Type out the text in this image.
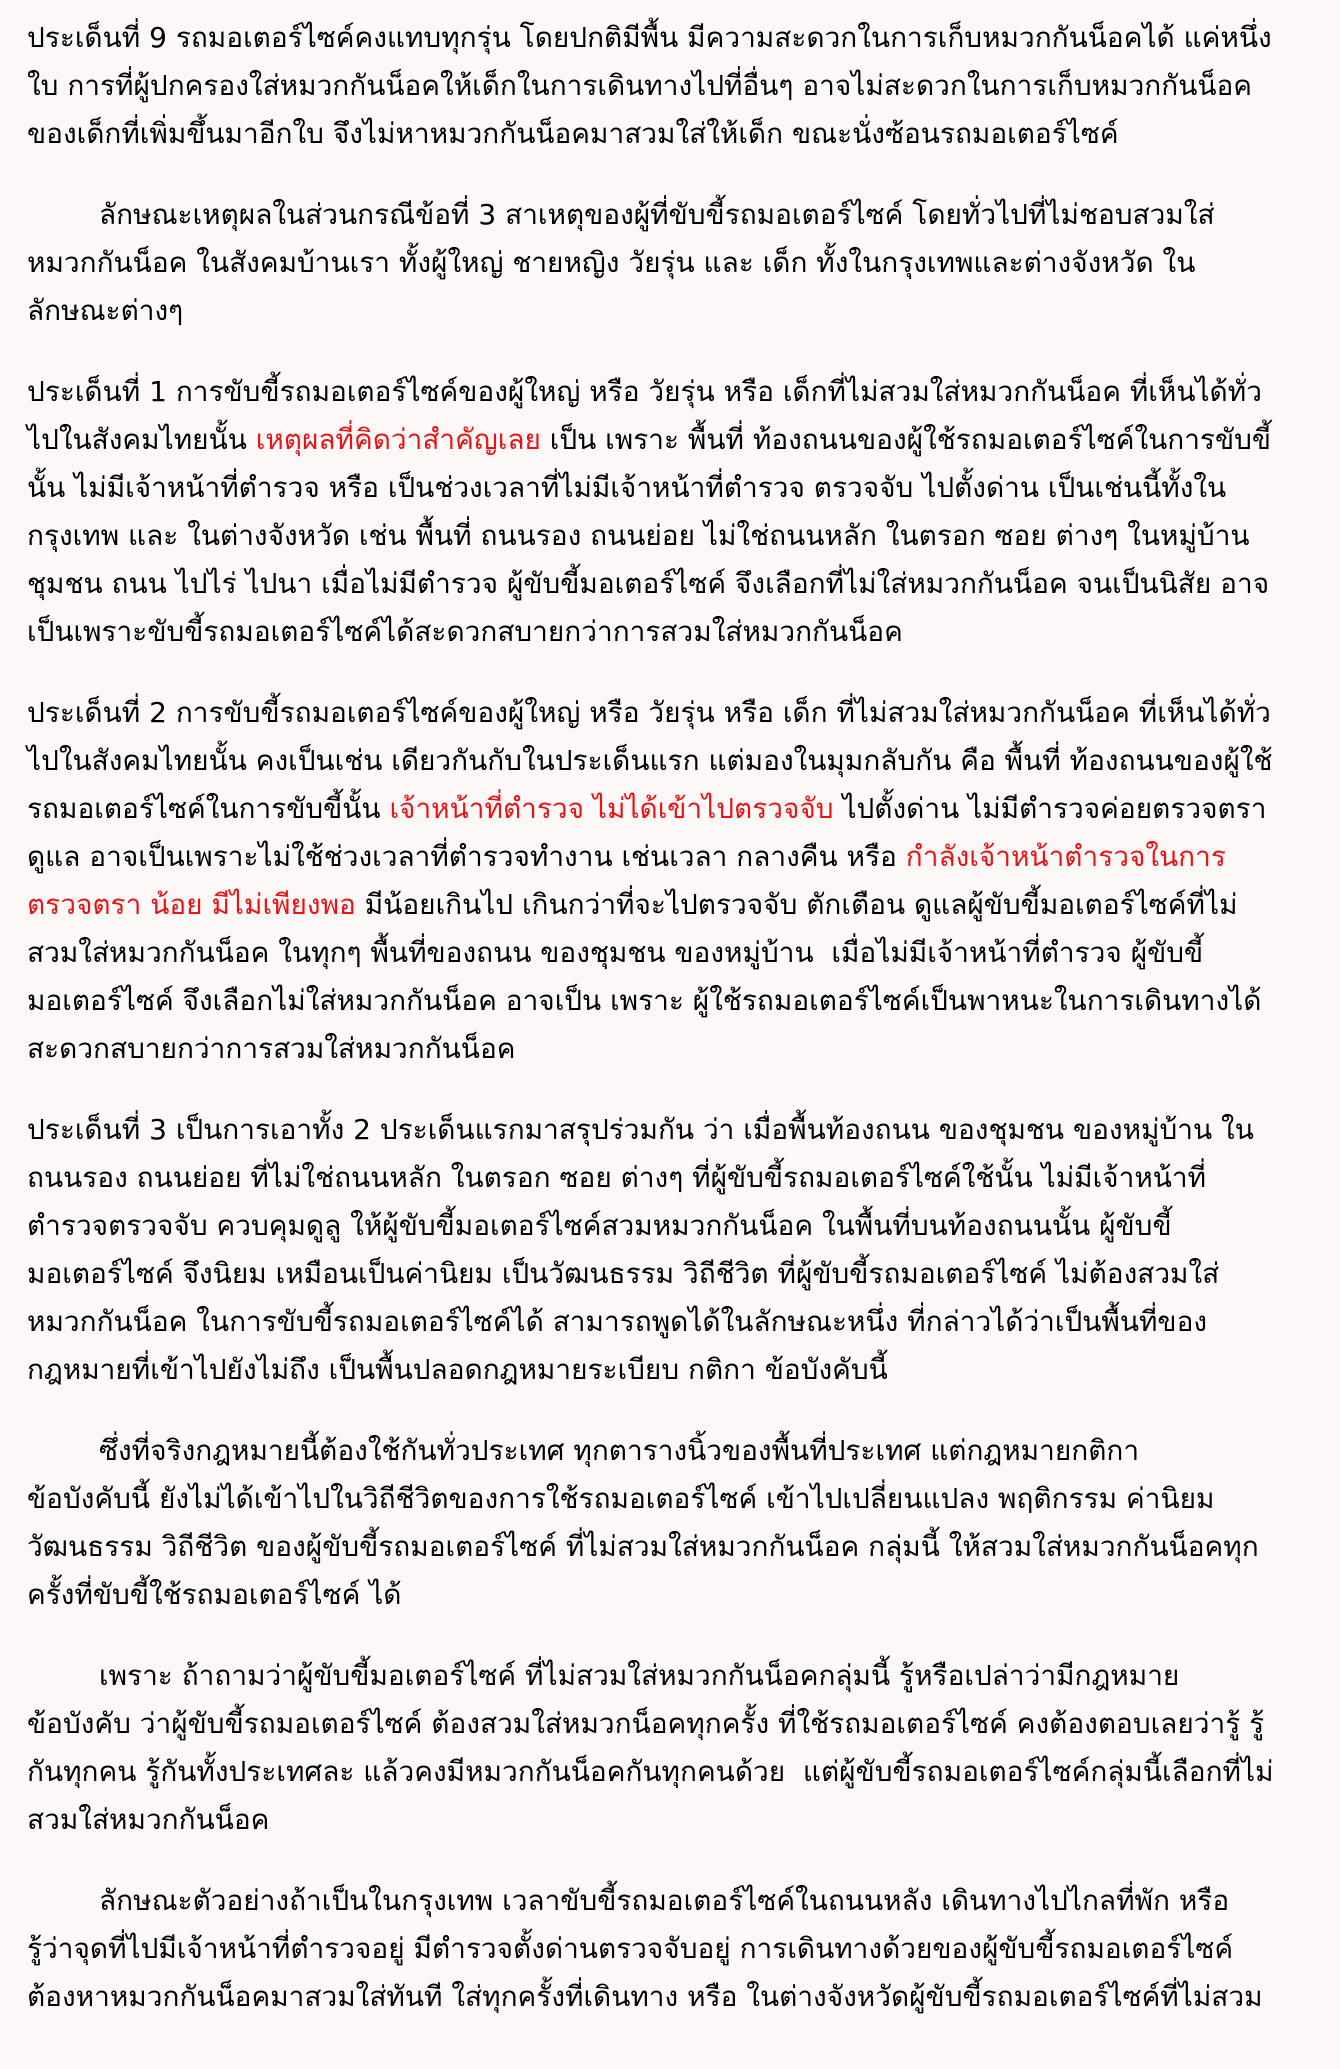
ประเด็นที่ 9 รถมอเตอร์ไซค์คงแทบทุกรุ่น โดยปกติมีพื้น มีความสะดวกในการเก็บหมวกกันน็อคได้ แค่หนึ่ง
ใบ การที่ผู้ปกครองใส่หมวกกันน็อคให้เด็กในการเดินทางไปที่อื่นๆ อาจไม่สะดวกในการเก็บหมวกกันน็อค
ของเด็กที่เพิ่มขึ้นมาอีกใบ จึงไม่หาหมวกกันน็อคมาสวมใส่ให้เด็ก ขณะนั่งซ้อนรถมอเตอร์ไซค์

ลักษณะเหตุผลในส่วนกรณีข้อที่ 3 สาเหตุของผู้ที่ขับขี้รถมอเตอร์ไซค์ โดยทั่วไปที่ไม่ชอบสวมใส่
หมวกกันน็อค ในสังคมบ้านเรา ทั้งผู้ใหญ่ ชายหญิง วัยรุ่น และ เด็ก ทั้งในกรุงเทพและต่างจังหวัด ใน
ลักษณะต่างๆ

ประเด็นที่ 1 การขับขี้รถมอเตอร์ไซค์ของผู้ใหญ่ หรือ วัยรุ่น หรือ เด็กที่ไม่สวมใส่หมวกกันน็อค ที่เห็นได้ทั่ว
ไปในสังคมไทยนั้น เหตุผลที่คิดว่าสำคัญเลย เป็น เพราะ พื้นที่ ท้องถนนของผู้ใช้รถมอเตอร์ไซค์ในการขับขี้
นั้น ไม่มีเจ้าหน้าที่ตำรวจ หรือ เป็นช่วงเวลาที่ไม่มีเจ้าหน้าที่ตำรวจ ตรวจจับ ไปตั้งด่าน เป็นเช่นนี้ทั้งใน
กรุงเทพ และ ในต่างจังหวัด เช่น พื้นที่ ถนนรอง ถนนย่อย ไม่ใช่ถนนหลัก ในตรอก ซอย ต่างๆ ในหมู่บ้าน
ชุมชน ถนน ไปไร่ ไปนา เมื่อไม่มีตำรวจ ผู้ขับขี้มอเตอร์ไซค์ จึงเลือกที่ไม่ใส่หมวกกันน็อค จนเป็นนิสัย อาจ
เป็นเพราะขับขี้รถมอเตอร์ไซค์ได้สะดวกสบายกว่าการสวมใส่หมวกกันน็อค

ประเด็นที่ 2 การขับขี้รถมอเตอร์ไซค์ของผู้ใหญ่ หรือ วัยรุ่น หรือ เด็ก ที่ไม่สวมใส่หมวกกันน็อค ที่เห็นได้ทั่ว
ไปในสังคมไทยนั้น คงเป็นเช่น เดียวกันกับในประเด็นแรก แต่มองในมุมกลับกัน คือ พื้นที่ ท้องถนนของผู้ใช้
รถมอเตอร์ไซค์ในการขับขี้นั้น เจ้าหน้าที่ตำรวจ ไม่ได้เข้าไปตรวจจับ ไปตั้งด่าน ไม่มีตำรวจค่อยตรวจตรา
ดูแล อาจเป็นเพราะไม่ใช้ช่วงเวลาที่ตำรวจทำงาน เช่นเวลา กลางคืน หรือ กำลังเจ้าหน้าตำรวจในการ
ตรวจตรา น้อย มีไม่เพียงพอ มีน้อยเกินไป เกินกว่าที่จะไปตรวจจับ ตักเตือน ดูแลผู้ขับขี้มอเตอร์ไซค์ที่ไม่
สวมใส่หมวกกันน็อค ในทุกๆ พื้นที่ของถนน ของชุมชน ของหมู่บ้าน  เมื่อไม่มีเจ้าหน้าที่ตำรวจ ผู้ขับขี้
มอเตอร์ไซค์ จึงเลือกไม่ใส่หมวกกันน็อค อาจเป็น เพราะ ผู้ใช้รถมอเตอร์ไซค์เป็นพาหนะในการเดินทางได้
สะดวกสบายกว่าการสวมใส่หมวกกันน็อค

ประเด็นที่ 3 เป็นการเอาทั้ง 2 ประเด็นแรกมาสรุปร่วมกัน ว่า เมื่อพื้นท้องถนน ของชุมชน ของหมู่บ้าน ใน
ถนนรอง ถนนย่อย ที่ไม่ใช่ถนนหลัก ในตรอก ซอย ต่างๆ ที่ผู้ขับขี้รถมอเตอร์ไซค์ใช้นั้น ไม่มีเจ้าหน้าที่
ตำรวจตรวจจับ ควบคุมดูลู ให้ผู้ขับขี้มอเตอร์ไซค์สวมหมวกกันน็อค ในพื้นที่บนท้องถนนนั้น ผู้ขับขี้
มอเตอร์ไซค์ จึงนิยม เหมือนเป็นค่านิยม เป็นวัฒนธรรม วิถีชีวิต ที่ผู้ขับขี้รถมอเตอร์ไซค์ ไม่ต้องสวมใส่
หมวกกันน็อค ในการขับขี้รถมอเตอร์ไซค์ได้ สามารถพูดได้ในลักษณะหนึ่ง ที่กล่าวได้ว่าเป็นพื้นที่ของ
กฎหมายที่เข้าไปยังไม่ถึง เป็นพื้นปลอดกฎหมายระเบียบ กติกา ข้อบังคับนี้

ซึ่งที่จริงกฎหมายนี้ต้องใช้กันทั่วประเทศ ทุกตารางนิ้วของพื้นที่ประเทศ แต่กฎหมายกติกา
ข้อบังคับนี้ ยังไม่ได้เข้าไปในวิถีชีวิตของการใช้รถมอเตอร์ไซค์ เข้าไปเปลี่ยนแปลง พฤติกรรม ค่านิยม
วัฒนธรรม วิถีชีวิต ของผู้ขับขี้รถมอเตอร์ไซค์ ที่ไม่สวมใส่หมวกกันน็อค กลุ่มนี้ ให้สวมใส่หมวกกันน็อคทุก
ครั้งที่ขับขี้ใช้รถมอเตอร์ไซค์ ได้

เพราะ ถ้าถามว่าผู้ขับขี้มอเตอร์ไซค์ ที่ไม่สวมใส่หมวกกันน็อคกลุ่มนี้ รู้หรือเปล่าว่ามีกฎหมาย
ข้อบังคับ ว่าผู้ขับขี้รถมอเตอร์ไซค์ ต้องสวมใส่หมวกน็อคทุกครั้ง ที่ใช้รถมอเตอร์ไซค์ คงต้องตอบเลยว่ารู้ รู้
กันทุกคน รู้กันทั้งประเทศละ แล้วคงมีหมวกกันน็อคกันทุกคนด้วย  แต่ผู้ขับขี้รถมอเตอร์ไซค์กลุ่มนี้เลือกที่ไม่
สวมใส่หมวกกันน็อค

ลักษณะตัวอย่างถ้าเป็นในกรุงเทพ เวลาขับขี้รถมอเตอร์ไซค์ในถนนหลัง เดินทางไปไกลที่พัก หรือ
รู้ว่าจุดที่ไปมีเจ้าหน้าที่ตำรวจอยู่ มีตำรวจตั้งด่านตรวจจับอยู่ การเดินทางด้วยของผู้ขับขี้รถมอเตอร์ไซค์
ต้องหาหมวกกันน็อคมาสวมใส่ทันที ใส่ทุกครั้งที่เดินทาง หรือ ในต่างจังหวัดผู้ขับขี้รถมอเตอร์ไซค์ที่ไม่สวม
